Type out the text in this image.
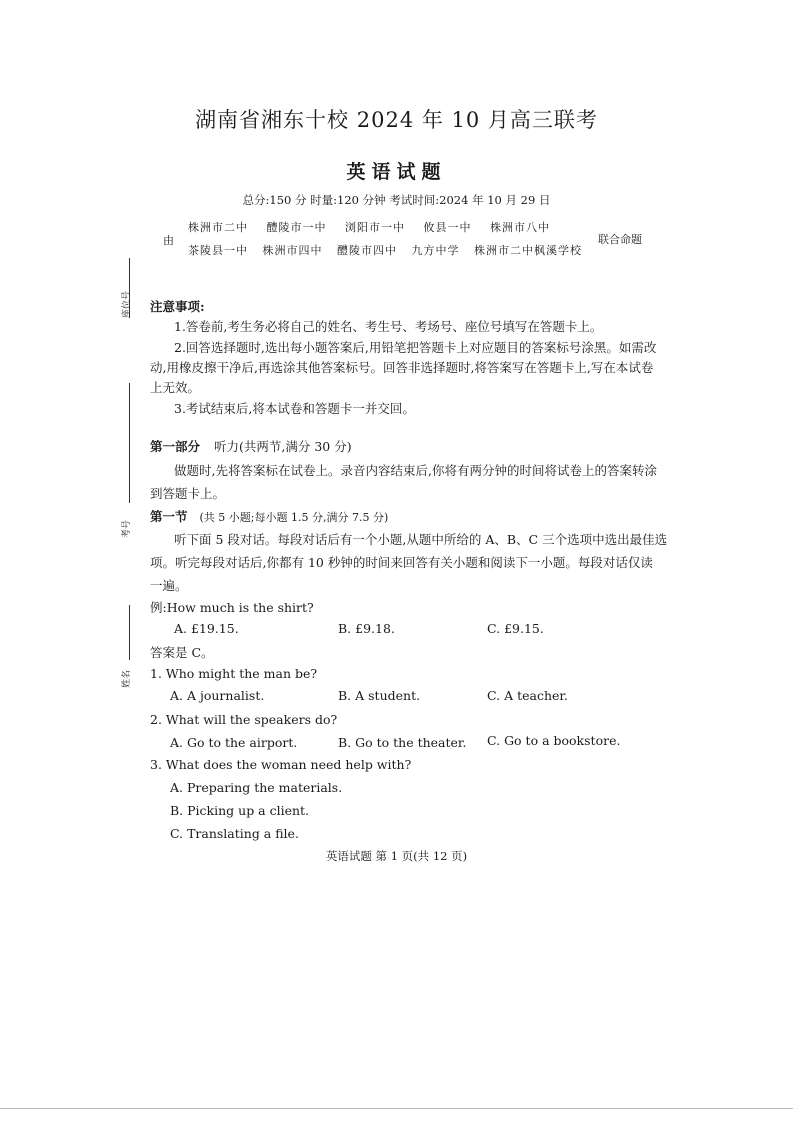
湖南省湘东十校 2024 年 10 月高三联考
英语试题
总分:150 分 时量:120 分钟 考试时间:2024 年 10 月 29 日
由
株洲市二中 醴陵市一中 浏阳市一中 攸县一中 株洲市八中
茶陵县一中 株洲市四中 醴陵市四中 九方中学 株洲市二中枫溪学校
联合命题
座位号
考号
姓名
注意事项:
1.答卷前,考生务必将自己的姓名、考生号、考场号、座位号填写在答题卡上。
2.回答选择题时,选出每小题答案后,用铅笔把答题卡上对应题目的答案标号涂黑。如需改
动,用橡皮擦干净后,再选涂其他答案标号。回答非选择题时,将答案写在答题卡上,写在本试卷
上无效。
3.考试结束后,将本试卷和答题卡一并交回。
第一部分 听力(共两节,满分 30 分)
做题时,先将答案标在试卷上。录音内容结束后,你将有两分钟的时间将试卷上的答案转涂
到答题卡上。
第一节 (共 5 小题;每小题 1.5 分,满分 7.5 分)
听下面 5 段对话。每段对话后有一个小题,从题中所给的 A、B、C 三个选项中选出最佳选
项。听完每段对话后,你都有 10 秒钟的时间来回答有关小题和阅读下一小题。每段对话仅读
一遍。
例:How much is the shirt?
A. £19.15.	B. £9.18.	C. £9.15.
答案是 C。
1. Who might the man be?
A. A journalist.	B. A student.	C. A teacher.
2. What will the speakers do?
A. Go to the airport.	B. Go to the theater. C. Go to a bookstore.
3. What does the woman need help with?
A. Preparing the materials.
B. Picking up a client.
C. Translating a file.
英语试题 第 1 页(共 12 页)
